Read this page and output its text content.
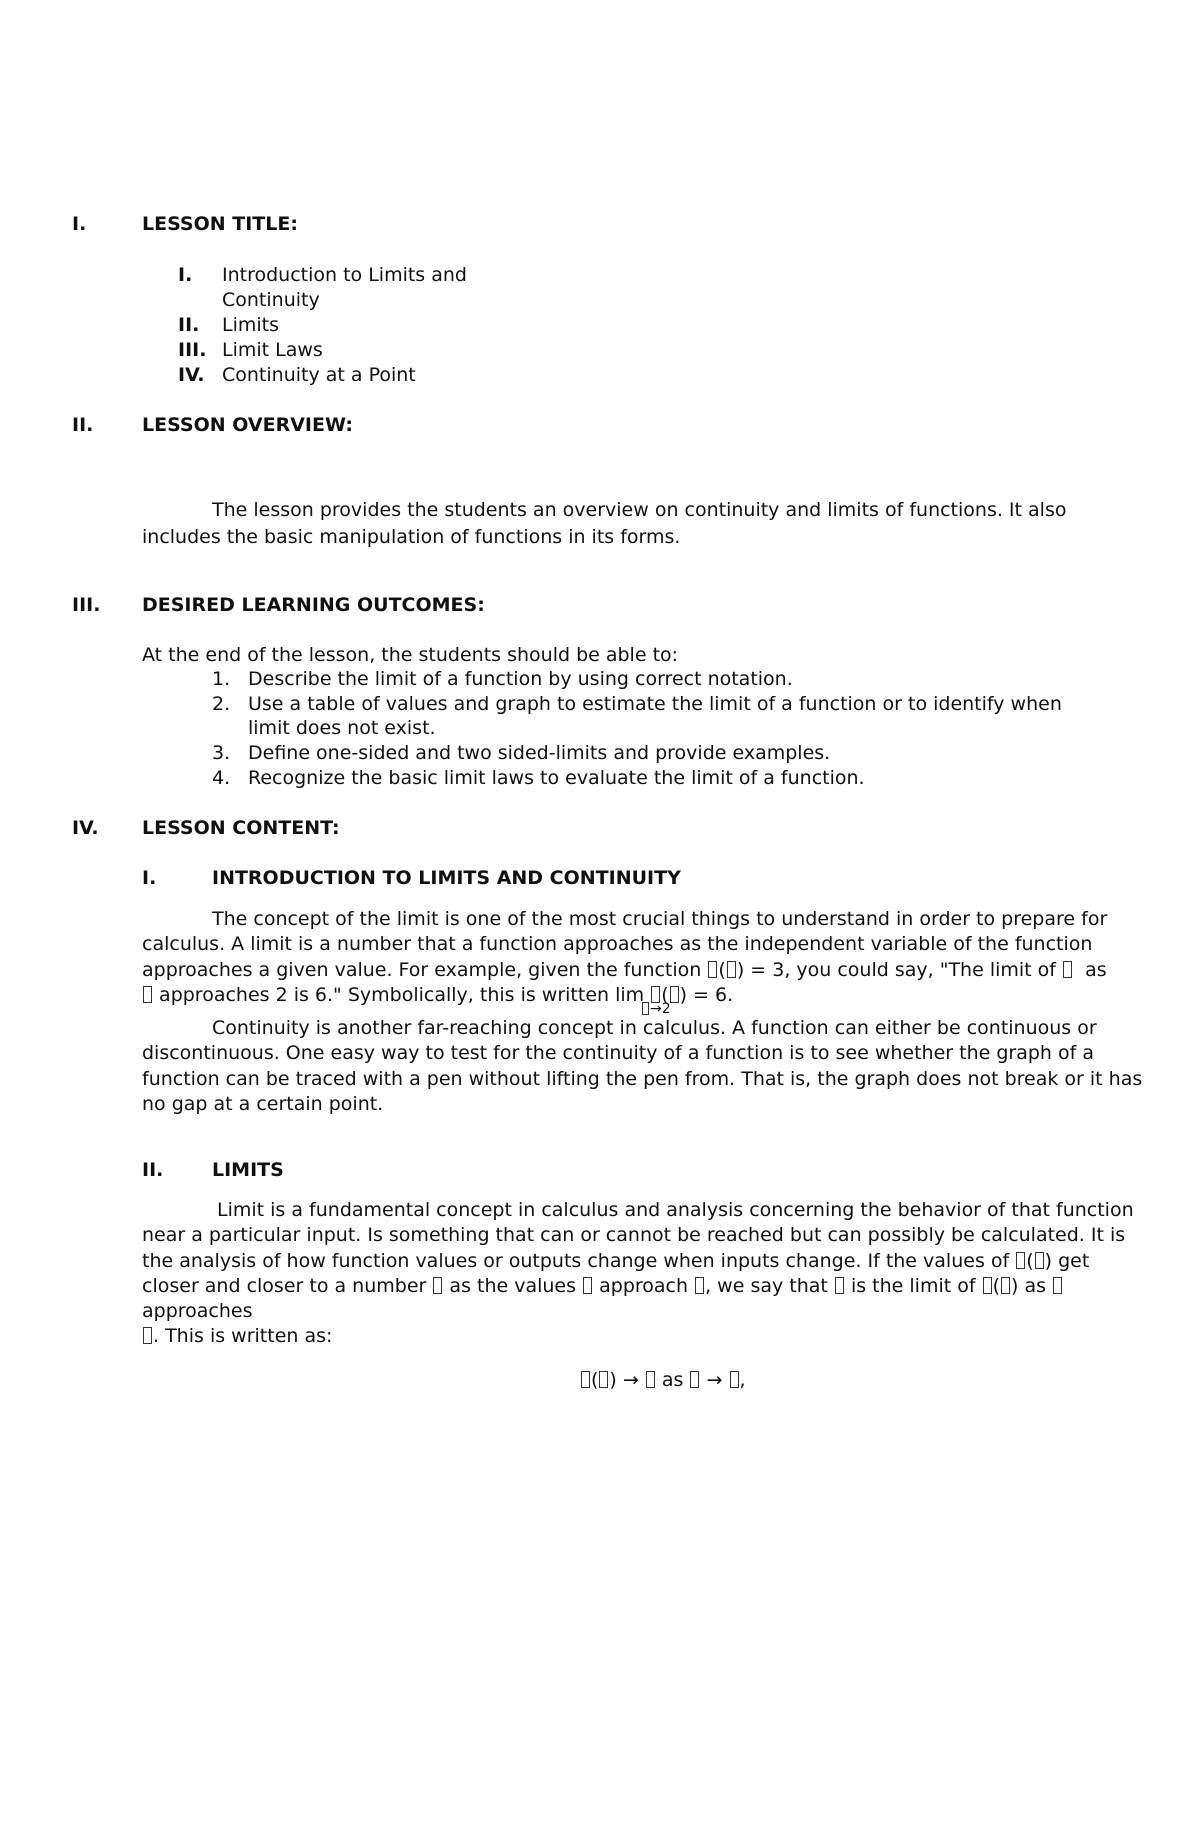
I.	LESSON TITLE:
I. Introduction to Limits and
Continuity
II. Limits
III. Limit Laws
IV. Continuity at a Point
II.	LESSON OVERVIEW:
The lesson provides the students an overview on continuity and limits of functions. It also
includes the basic manipulation of functions in its forms.
III. DESIRED LEARNING OUTCOMES:
At the end of the lesson, the students should be able to:
1. Describe the limit of a function by using correct notation.
2. Use a table of values and graph to estimate the limit of a function or to identify when
limit does not exist.
3. Define one-sided and two sided-limits and provide examples.
4. Recognize the basic limit laws to evaluate the limit of a function.
IV. LESSON CONTENT:
I.	INTRODUCTION TO LIMITS AND CONTINUITY
The concept of the limit is one of the most crucial things to understand in order to prepare for
calculus. A limit is a number that a function approaches as the independent variable of the function
approaches a given value. For example, given the function ( ) = 3, you could say, "The limit of as
approaches 2 is 6." Symbolically, this is written lim ( ) = 6.
→2
Continuity is another far-reaching concept in calculus. A function can either be continuous or
discontinuous. One easy way to test for the continuity of a function is to see whether the graph of a
function can be traced with a pen without lifting the pen from. That is, the graph does not break or it has
no gap at a certain point.
II.	LIMITS
Limit is a fundamental concept in calculus and analysis concerning the behavior of that function
near a particular input. Is something that can or cannot be reached but can possibly be calculated. It is
the analysis of how function values or outputs change when inputs change. If the values of ( ) get
closer and closer to a number as the values approach , we say that is the limit of ( ) as
approaches
. This is written as:
( ) → as → ,
